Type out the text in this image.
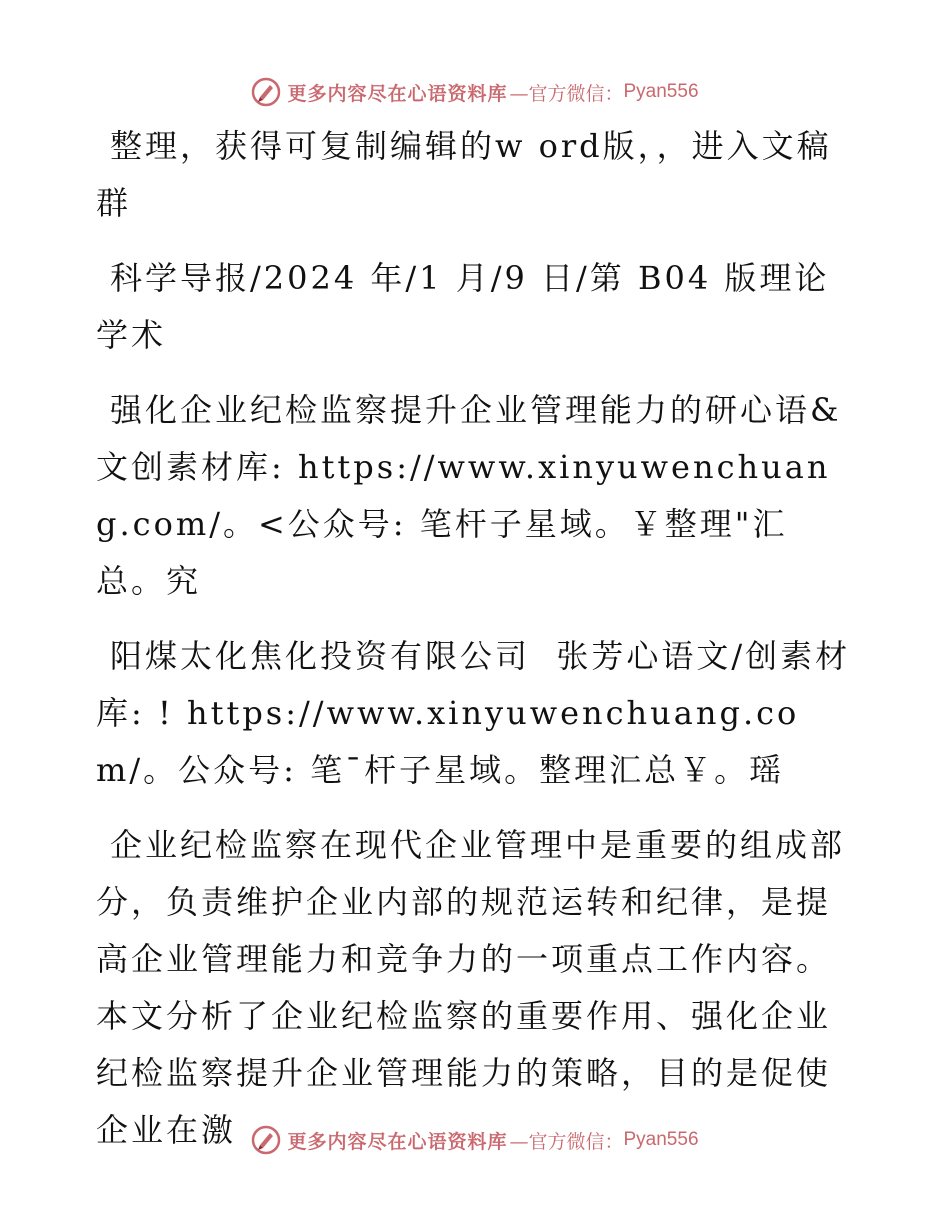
更多内容尽在心语资料库 —官方微信： Pyan556

整理，获得可复制编辑的w ord版，，进入文稿群

科学导报/2024 年/1 月/9 日/第 B04 版理论学术

强化企业纪检监察提升企业管理能力的研心语&文创素材库: https://www.xinyuwenchuang.com/。<公众号: 笔杆子星域。￥整理"汇总。究

阳煤太化焦化投资有限公司  张芳心语文/创素材库: ! https://www.xinyuwenchuang.com/。公众号: 笔¯杆子星域。整理汇总￥。瑶

企业纪检监察在现代企业管理中是重要的组成部分，负责维护企业内部的规范运转和纪律，是提高企业管理能力和竞争力的一项重点工作内容。本文分析了企业纪检监察的重要作用、强化企业纪检监察提升企业管理能力的策略，目的是促使企业在激	更多内容尽在心语资料库 —官方微信： Pyan556
